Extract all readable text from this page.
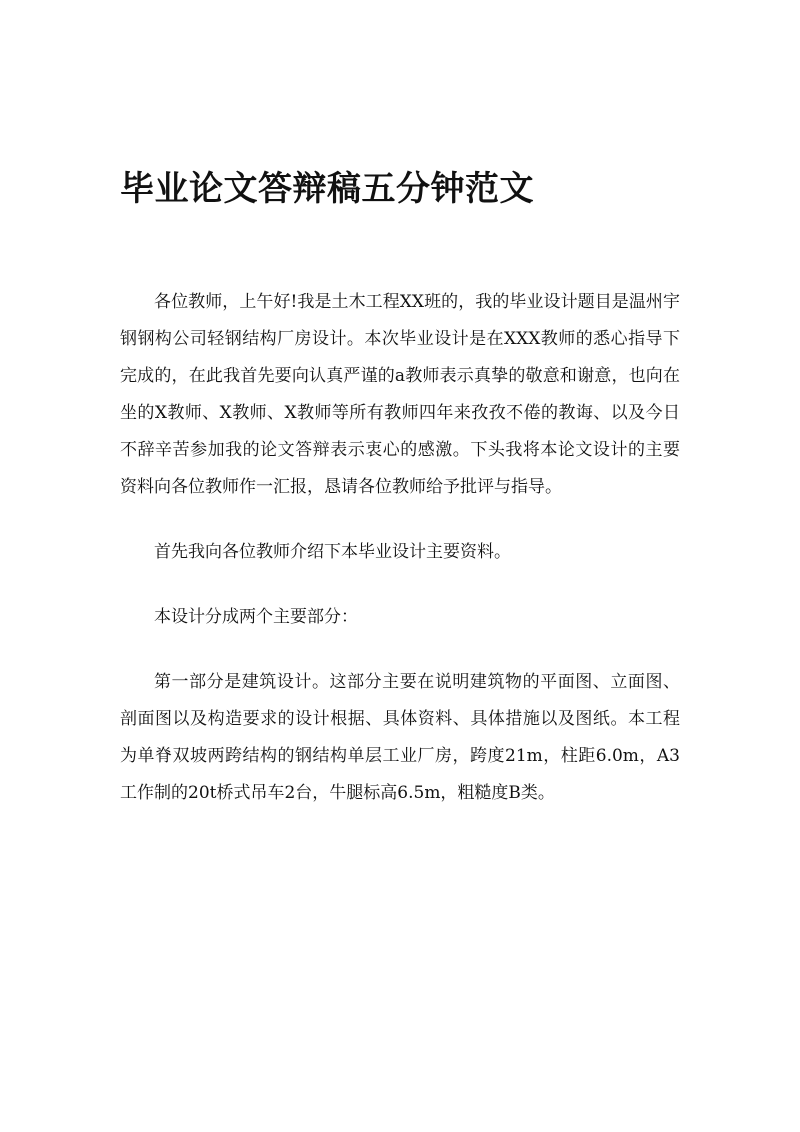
毕业论文答辩稿五分钟范文

各位教师，上午好!我是土木工程XX班的，我的毕业设计题目是温州宇钢钢构公司轻钢结构厂房设计。本次毕业设计是在XXX教师的悉心指导下完成的，在此我首先要向认真严谨的a教师表示真挚的敬意和谢意，也向在坐的X教师、X教师、X教师等所有教师四年来孜孜不倦的教诲、以及今日不辞辛苦参加我的论文答辩表示衷心的感激。下头我将本论文设计的主要资料向各位教师作一汇报，恳请各位教师给予批评与指导。

首先我向各位教师介绍下本毕业设计主要资料。

本设计分成两个主要部分：

第一部分是建筑设计。这部分主要在说明建筑物的平面图、立面图、剖面图以及构造要求的设计根据、具体资料、具体措施以及图纸。本工程为单脊双坡两跨结构的钢结构单层工业厂房，跨度21m，柱距6.0m，A3工作制的20t桥式吊车2台，牛腿标高6.5m，粗糙度B类。
